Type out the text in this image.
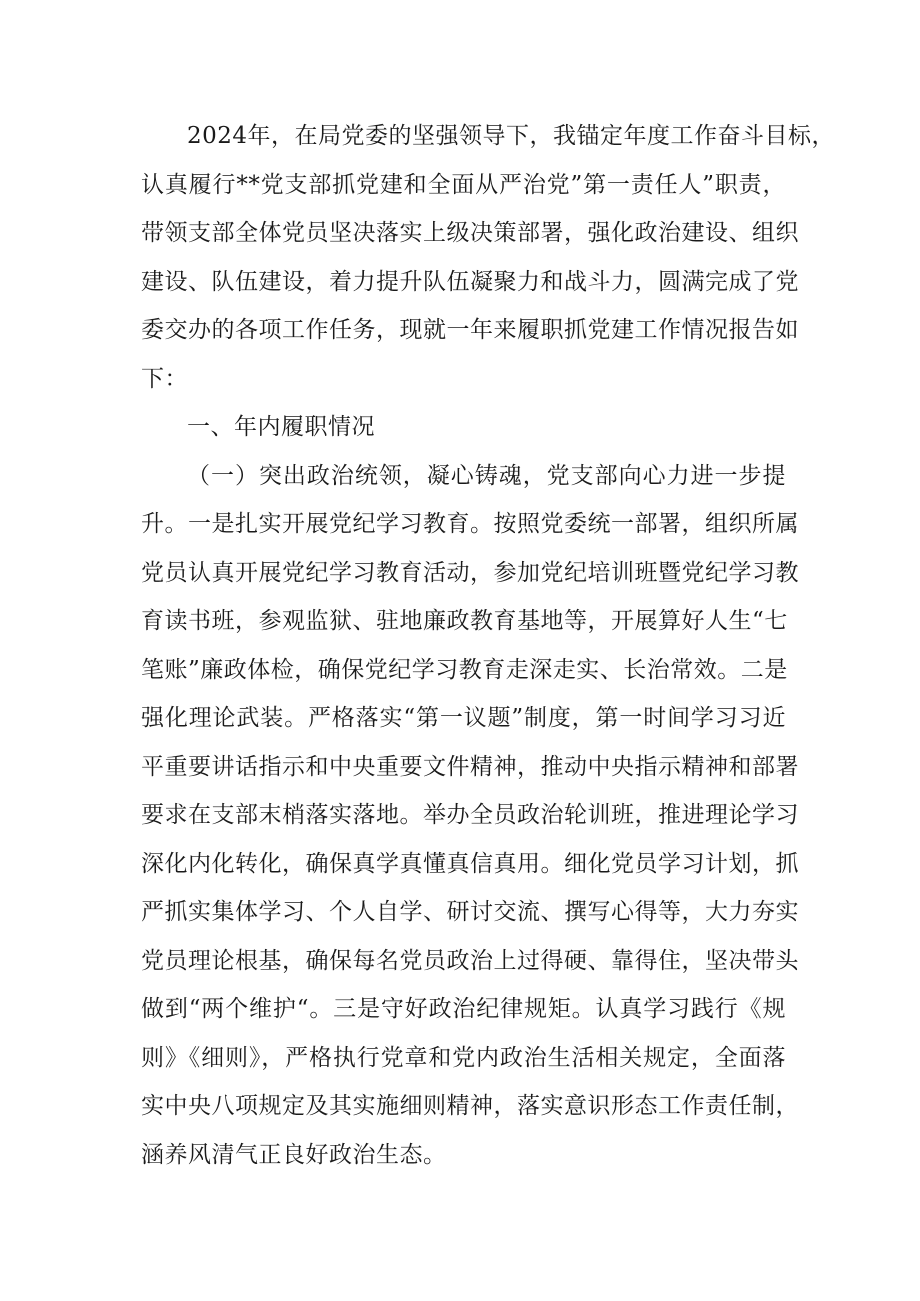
2024年，在局党委的坚强领导下，我锚定年度工作奋斗目标，
认真履行**党支部抓党建和全面从严治党”第一责任人”职责，
带领支部全体党员坚决落实上级决策部署，强化政治建设、组织
建设、队伍建设，着力提升队伍凝聚力和战斗力，圆满完成了党
委交办的各项工作任务，现就一年来履职抓党建工作情况报告如
下：
一、年内履职情况
（一）突出政治统领，凝心铸魂，党支部向心力进一步提
升。一是扎实开展党纪学习教育。按照党委统一部署，组织所属
党员认真开展党纪学习教育活动，参加党纪培训班暨党纪学习教
育读书班，参观监狱、驻地廉政教育基地等，开展算好人生“七
笔账”廉政体检，确保党纪学习教育走深走实、长治常效。二是
强化理论武装。严格落实“第一议题”制度，第一时间学习习近
平重要讲话指示和中央重要文件精神，推动中央指示精神和部署
要求在支部末梢落实落地。举办全员政治轮训班，推进理论学习
深化内化转化，确保真学真懂真信真用。细化党员学习计划，抓
严抓实集体学习、个人自学、研讨交流、撰写心得等，大力夯实
党员理论根基，确保每名党员政治上过得硬、靠得住，坚决带头
做到“两个维护“。三是守好政治纪律规矩。认真学习践行《规
则》《细则》，严格执行党章和党内政治生活相关规定，全面落
实中央八项规定及其实施细则精神，落实意识形态工作责任制，
涵养风清气正良好政治生态。
